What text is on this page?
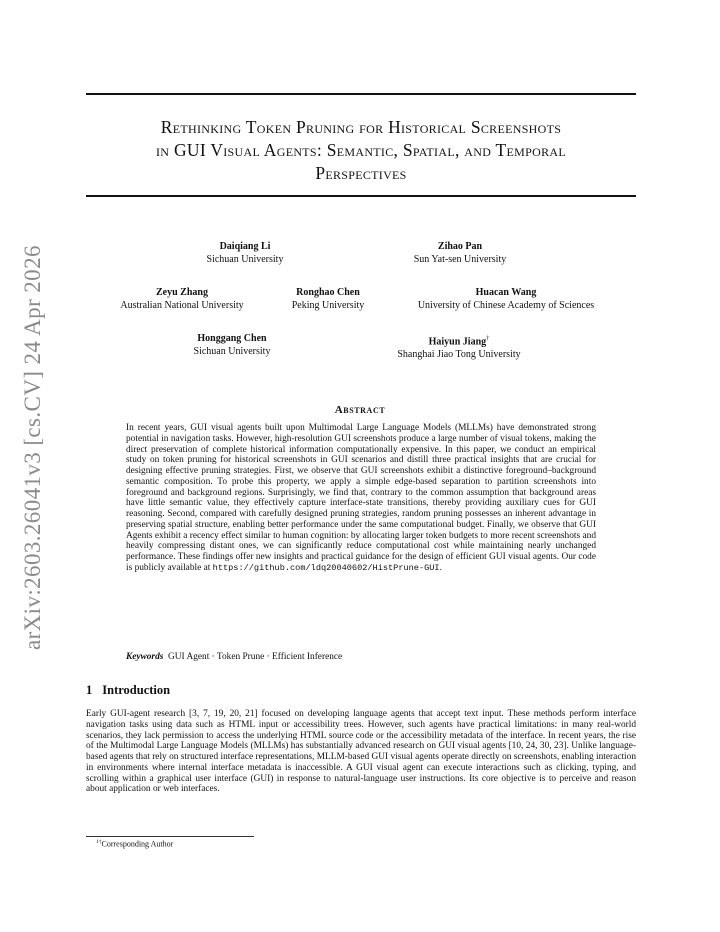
arXiv:2603.26041v3 [cs.CV] 24 Apr 2026
Rethinking Token Pruning for Historical Screenshots
in GUI Visual Agents: Semantic, Spatial, and Temporal
Perspectives
Daiqiang Li
Sichuan University
Zihao Pan
Sun Yat-sen University
Zeyu Zhang
Australian National University
Ronghao Chen
Peking University
Huacan Wang
University of Chinese Academy of Sciences
Honggang Chen
Sichuan University
Haiyun Jiang†
Shanghai Jiao Tong University
Abstract
In recent years, GUI visual agents built upon Multimodal Large Language Models (MLLMs) have demonstrated strong potential in navigation tasks. However, high-resolution GUI screenshots produce a large number of visual tokens, making the direct preservation of complete historical information computationally expensive. In this paper, we conduct an empirical study on token pruning for historical screenshots in GUI scenarios and distill three practical insights that are crucial for designing effective pruning strategies. First, we observe that GUI screenshots exhibit a distinctive foreground–background semantic composition. To probe this property, we apply a simple edge-based separation to partition screenshots into foreground and background regions. Surprisingly, we find that, contrary to the common assumption that background areas have little semantic value, they effectively capture interface-state transitions, thereby providing auxiliary cues for GUI reasoning. Second, compared with carefully designed pruning strategies, random pruning possesses an inherent advantage in preserving spatial structure, enabling better performance under the same computational budget. Finally, we observe that GUI Agents exhibit a recency effect similar to human cognition: by allocating larger token budgets to more recent screenshots and heavily compressing distant ones, we can significantly reduce computational cost while maintaining nearly unchanged performance. These findings offer new insights and practical guidance for the design of efficient GUI visual agents. Our code is publicly available at https://github.com/ldq20040602/HistPrune-GUI.
Keywords GUI Agent · Token Prune · Efficient Inference
1 Introduction
Early GUI-agent research [3, 7, 19, 20, 21] focused on developing language agents that accept text input. These methods perform interface navigation tasks using data such as HTML input or accessibility trees. However, such agents have practical limitations: in many real-world scenarios, they lack permission to access the underlying HTML source code or the accessibility metadata of the interface. In recent years, the rise of the Multimodal Large Language Models (MLLMs) has substantially advanced research on GUI visual agents [10, 24, 30, 23]. Unlike language-based agents that rely on structured interface representations, MLLM-based GUI visual agents operate directly on screenshots, enabling interaction in environments where internal interface metadata is inaccessible. A GUI visual agent can execute interactions such as clicking, typing, and scrolling within a graphical user interface (GUI) in response to natural-language user instructions. Its core objective is to perceive and reason about application or web interfaces.
$^{1\dagger}$Corresponding Author
